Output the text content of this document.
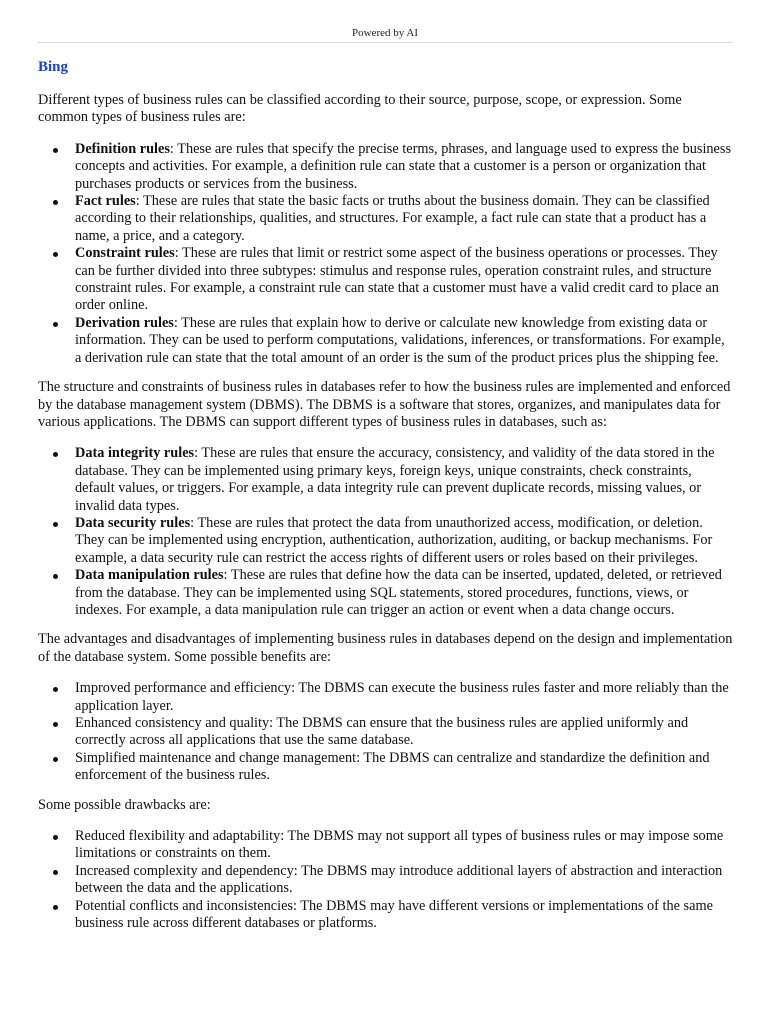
Powered by AI
Bing

Different types of business rules can be classified according to their source, purpose, scope, or expression. Some common types of business rules are:

Definition rules: These are rules that specify the precise terms, phrases, and language used to express the business concepts and activities. For example, a definition rule can state that a customer is a person or organization that purchases products or services from the business.
Fact rules: These are rules that state the basic facts or truths about the business domain. They can be classified according to their relationships, qualities, and structures. For example, a fact rule can state that a product has a name, a price, and a category.
Constraint rules: These are rules that limit or restrict some aspect of the business operations or processes. They can be further divided into three subtypes: stimulus and response rules, operation constraint rules, and structure constraint rules. For example, a constraint rule can state that a customer must have a valid credit card to place an order online.
Derivation rules: These are rules that explain how to derive or calculate new knowledge from existing data or information. They can be used to perform computations, validations, inferences, or transformations. For example, a derivation rule can state that the total amount of an order is the sum of the product prices plus the shipping fee.

The structure and constraints of business rules in databases refer to how the business rules are implemented and enforced by the database management system (DBMS). The DBMS is a software that stores, organizes, and manipulates data for various applications. The DBMS can support different types of business rules in databases, such as:

Data integrity rules: These are rules that ensure the accuracy, consistency, and validity of the data stored in the database. They can be implemented using primary keys, foreign keys, unique constraints, check constraints, default values, or triggers. For example, a data integrity rule can prevent duplicate records, missing values, or invalid data types.
Data security rules: These are rules that protect the data from unauthorized access, modification, or deletion. They can be implemented using encryption, authentication, authorization, auditing, or backup mechanisms. For example, a data security rule can restrict the access rights of different users or roles based on their privileges.
Data manipulation rules: These are rules that define how the data can be inserted, updated, deleted, or retrieved from the database. They can be implemented using SQL statements, stored procedures, functions, views, or indexes. For example, a data manipulation rule can trigger an action or event when a data change occurs.

The advantages and disadvantages of implementing business rules in databases depend on the design and implementation of the database system. Some possible benefits are:

Improved performance and efficiency: The DBMS can execute the business rules faster and more reliably than the application layer.
Enhanced consistency and quality: The DBMS can ensure that the business rules are applied uniformly and correctly across all applications that use the same database.
Simplified maintenance and change management: The DBMS can centralize and standardize the definition and enforcement of the business rules.

Some possible drawbacks are:

Reduced flexibility and adaptability: The DBMS may not support all types of business rules or may impose some limitations or constraints on them.
Increased complexity and dependency: The DBMS may introduce additional layers of abstraction and interaction between the data and the applications.
Potential conflicts and inconsistencies: The DBMS may have different versions or implementations of the same business rule across different databases or platforms.
